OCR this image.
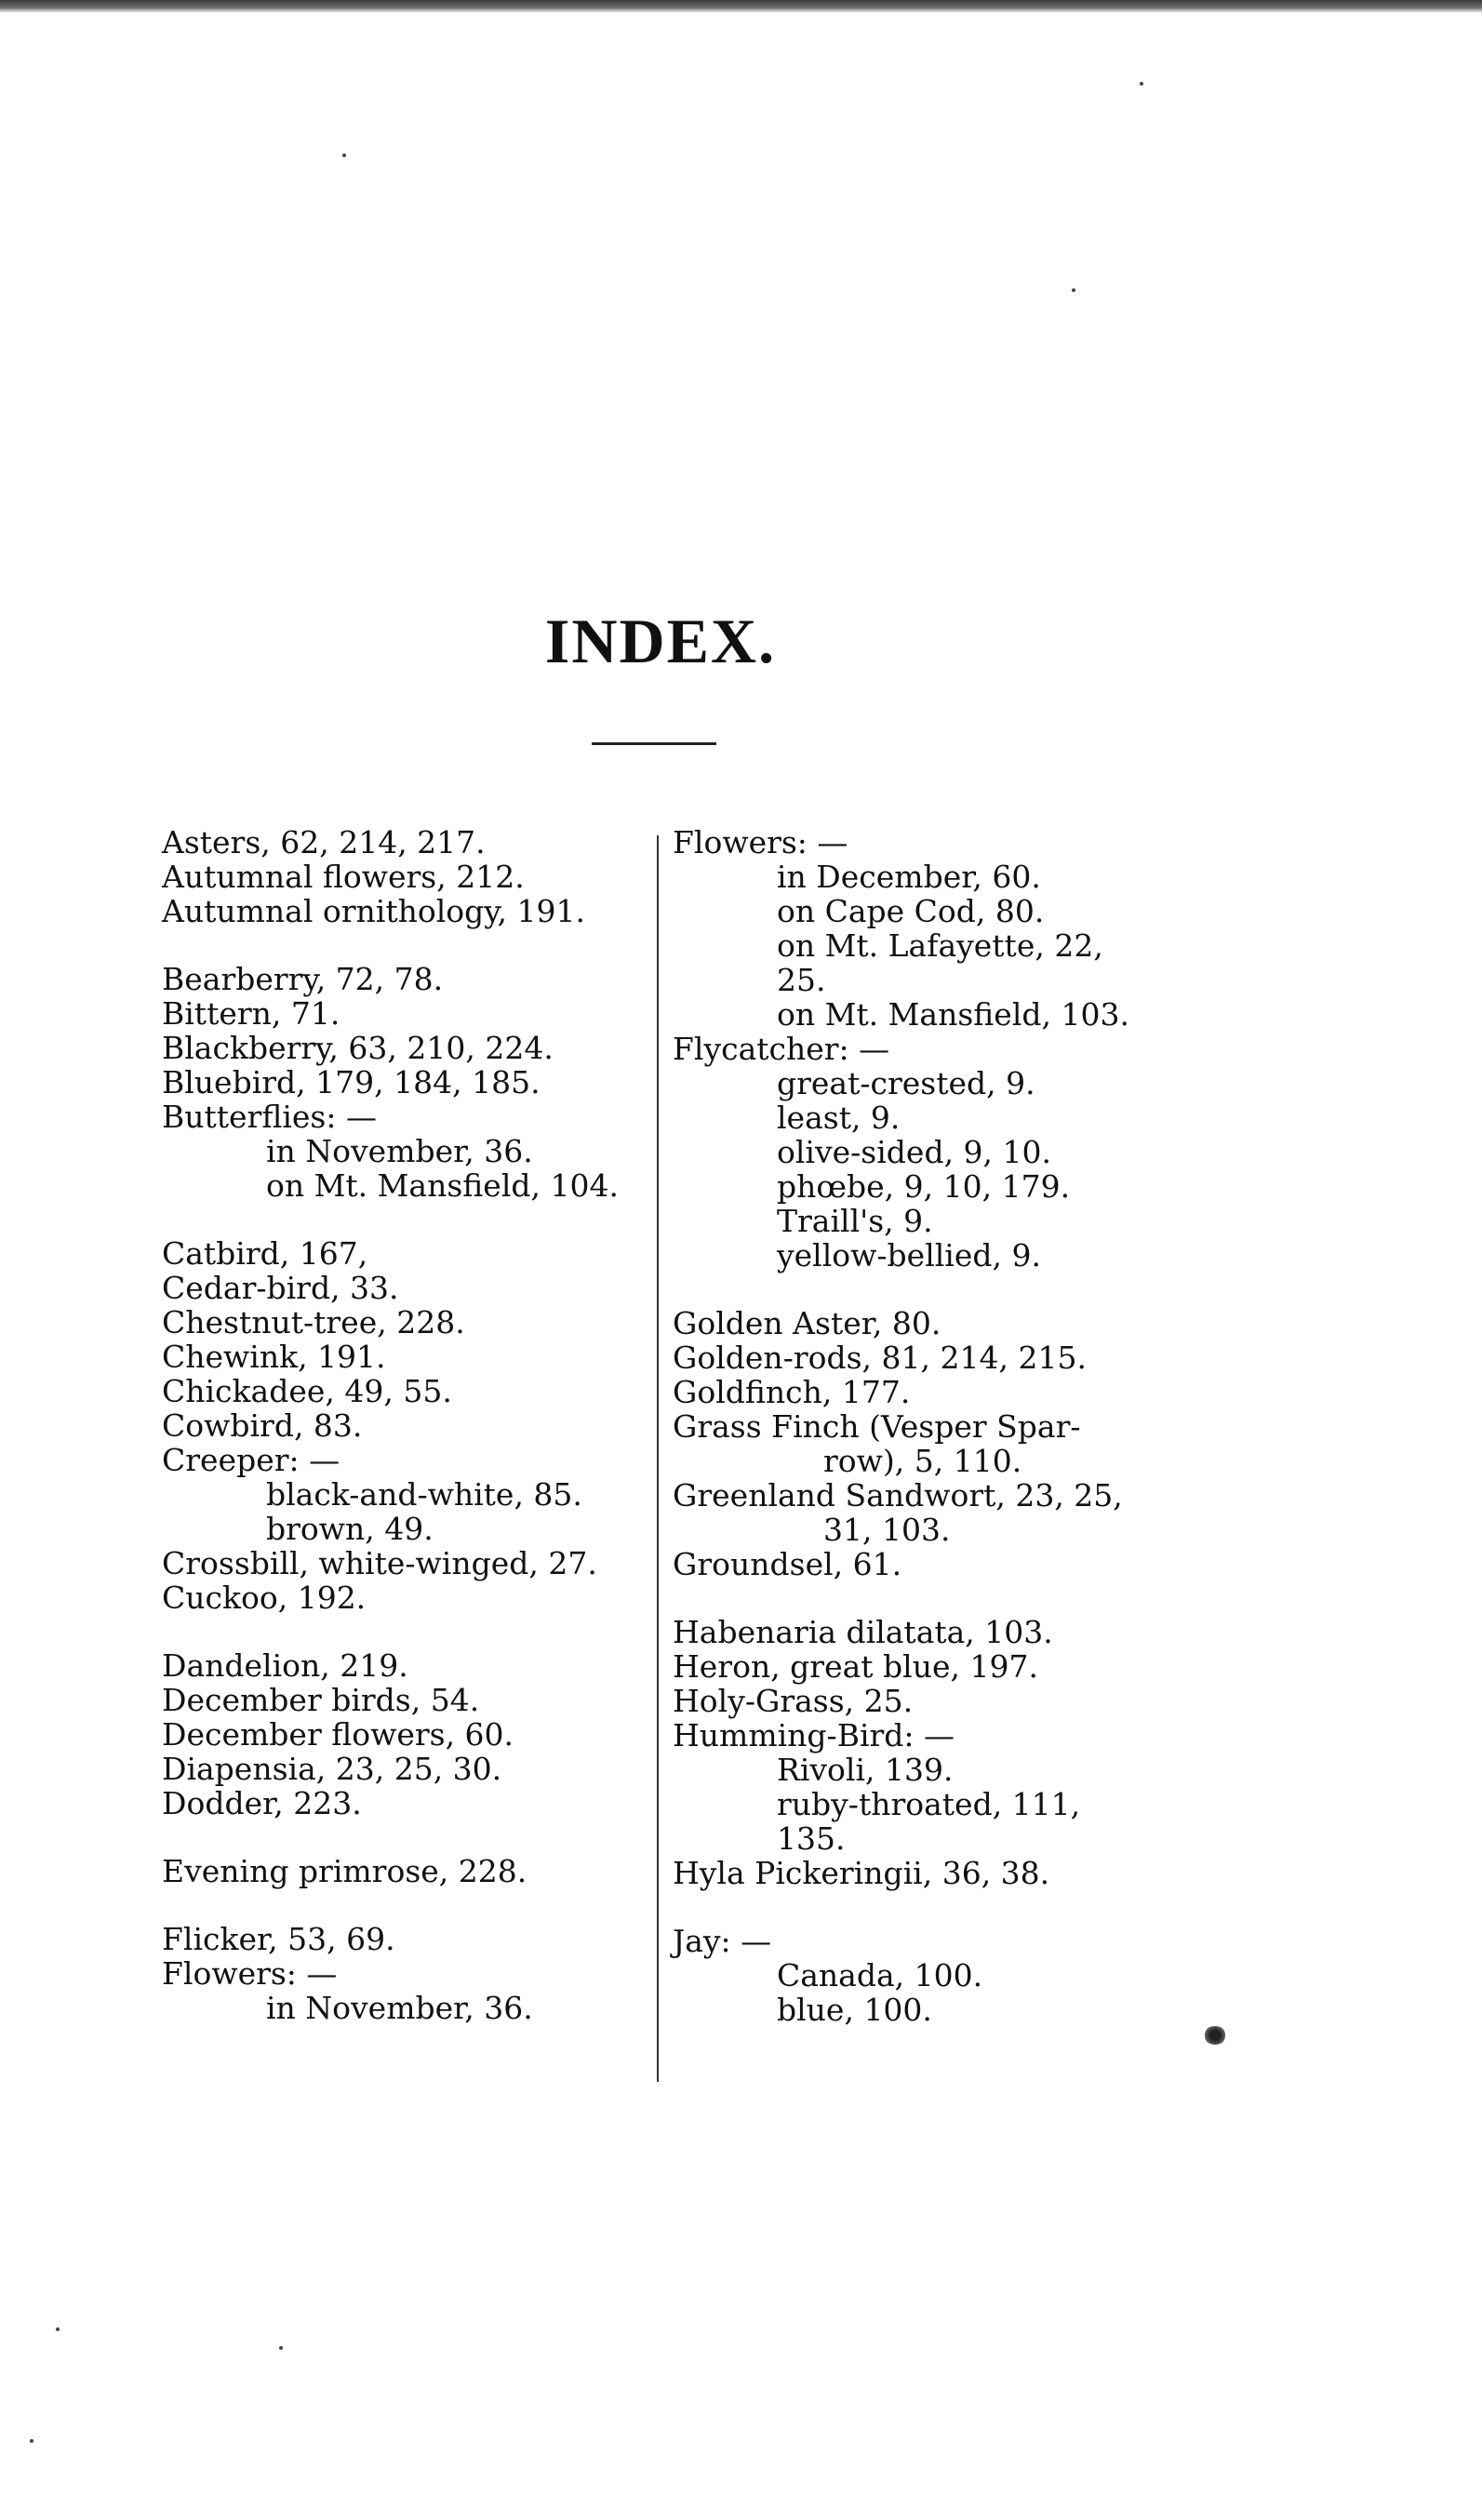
INDEX.
Asters, 62, 214, 217.
Autumnal flowers, 212.
Autumnal ornithology, 191.
Bearberry, 72, 78.
Bittern, 71.
Blackberry, 63, 210, 224.
Bluebird, 179, 184, 185.
Butterflies: —
in November, 36.
on Mt. Mansfield, 104.
Catbird, 167,
Cedar-bird, 33.
Chestnut-tree, 228.
Chewink, 191.
Chickadee, 49, 55.
Cowbird, 83.
Creeper: —
black-and-white, 85.
brown, 49.
Crossbill, white-winged, 27.
Cuckoo, 192.
Dandelion, 219.
December birds, 54.
December flowers, 60.
Diapensia, 23, 25, 30.
Dodder, 223.
Evening primrose, 228.
Flicker, 53, 69.
Flowers: —
in November, 36.
Flowers: —
in December, 60.
on Cape Cod, 80.
on Mt. Lafayette, 22,
25.
on Mt. Mansfield, 103.
Flycatcher: —
great-crested, 9.
least, 9.
olive-sided, 9, 10.
phœbe, 9, 10, 179.
Traill's, 9.
yellow-bellied, 9.
Golden Aster, 80.
Golden-rods, 81, 214, 215.
Goldfinch, 177.
Grass Finch (Vesper Spar-
row), 5, 110.
Greenland Sandwort, 23, 25,
31, 103.
Groundsel, 61.
Habenaria dilatata, 103.
Heron, great blue, 197.
Holy-Grass, 25.
Humming-Bird: —
Rivoli, 139.
ruby-throated, 111,
135.
Hyla Pickeringii, 36, 38.
Jay: —
Canada, 100.
blue, 100.
